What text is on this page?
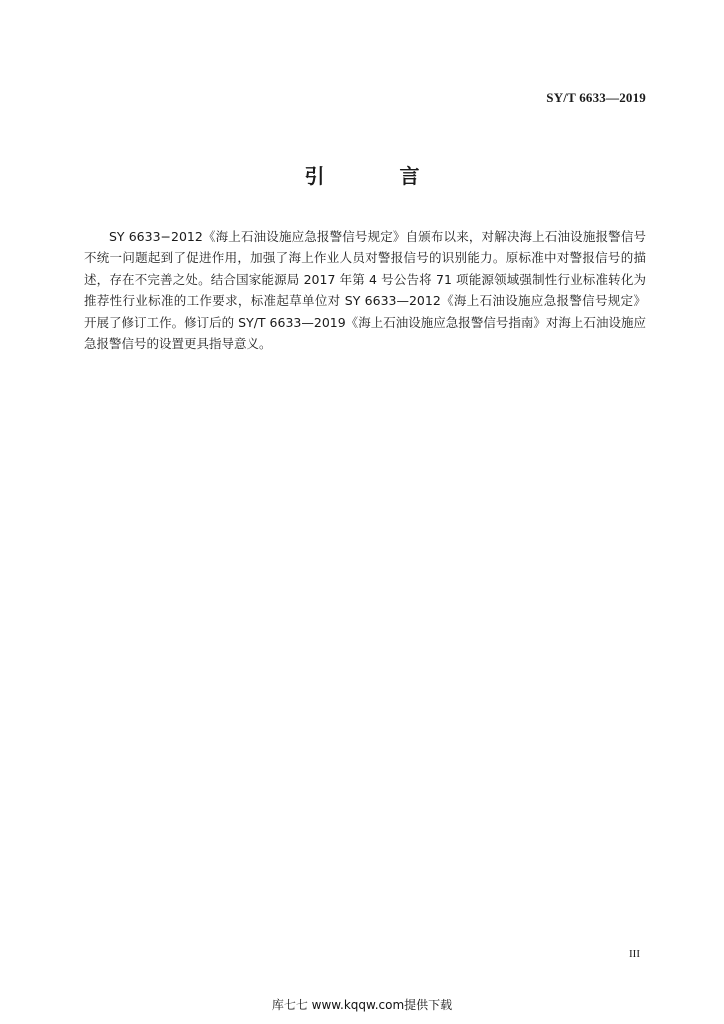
SY/T 6633—2019
引 言

SY 6633−2012《海上石油设施应急报警信号规定》自颁布以来，对解决海上石油设施报警信号不统一问题起到了促进作用，加强了海上作业人员对警报信号的识别能力。原标准中对警报信号的描述，存在不完善之处。结合国家能源局 2017 年第 4 号公告将 71 项能源领域强制性行业标准转化为推荐性行业标准的工作要求，标准起草单位对 SY 6633—2012《海上石油设施应急报警信号规定》开展了修订工作。修订后的 SY/T 6633—2019《海上石油设施应急报警信号指南》对海上石油设施应急报警信号的设置更具指导意义。

III
库七七 www.kqqw.com提供下载
